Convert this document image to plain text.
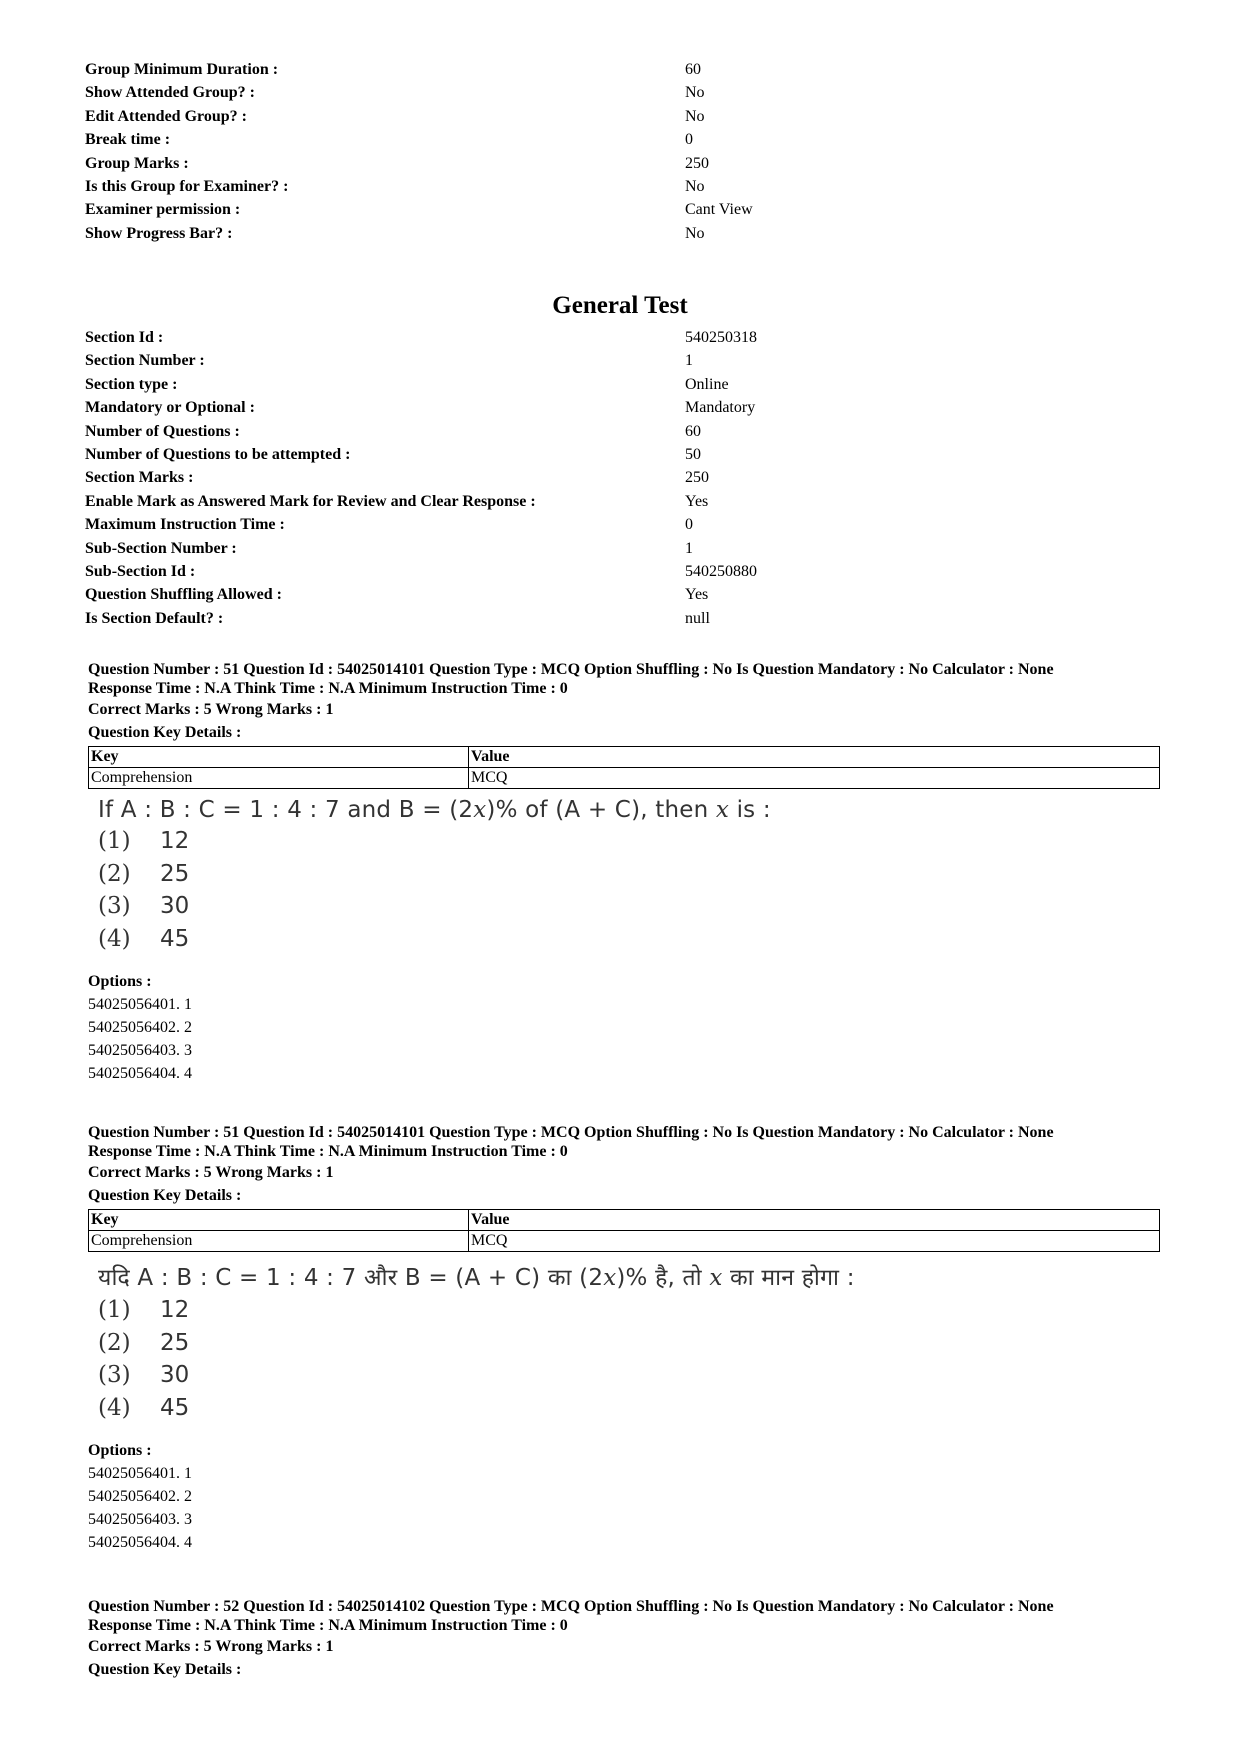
Group Minimum Duration :	60
Show Attended Group? :	No
Edit Attended Group? :	No
Break time :	0
Group Marks :	250
Is this Group for Examiner? :	No
Examiner permission :	Cant View
Show Progress Bar? :	No
General Test
Section Id :	540250318
Section Number :	1
Section type :	Online
Mandatory or Optional :	Mandatory
Number of Questions :	60
Number of Questions to be attempted :	50
Section Marks :	250
Enable Mark as Answered Mark for Review and Clear Response :	Yes
Maximum Instruction Time :	0
Sub-Section Number :	1
Sub-Section Id :	540250880
Question Shuffling Allowed :	Yes
Is Section Default? :	null
Question Number : 51 Question Id : 54025014101 Question Type : MCQ Option Shuffling : No Is Question Mandatory : No Calculator : None
Response Time : N.A Think Time : N.A Minimum Instruction Time : 0
Correct Marks : 5 Wrong Marks : 1
Question Key Details :
Key	Value
Comprehension	MCQ
If A : B : C = 1 : 4 : 7 and B = (2x)% of (A + C), then x is :
(1) 12
(2) 25
(3) 30
(4) 45
Options :
54025056401. 1
54025056402. 2
54025056403. 3
54025056404. 4
Question Number : 51 Question Id : 54025014101 Question Type : MCQ Option Shuffling : No Is Question Mandatory : No Calculator : None
Response Time : N.A Think Time : N.A Minimum Instruction Time : 0
Correct Marks : 5 Wrong Marks : 1
Question Key Details :
Key	Value
Comprehension	MCQ
यदि A : B : C = 1 : 4 : 7 और B = (A + C) का (2x)% है, तो x का मान होगा :
(1) 12
(2) 25
(3) 30
(4) 45
Options :
54025056401. 1
54025056402. 2
54025056403. 3
54025056404. 4
Question Number : 52 Question Id : 54025014102 Question Type : MCQ Option Shuffling : No Is Question Mandatory : No Calculator : None
Response Time : N.A Think Time : N.A Minimum Instruction Time : 0
Correct Marks : 5 Wrong Marks : 1
Question Key Details :
